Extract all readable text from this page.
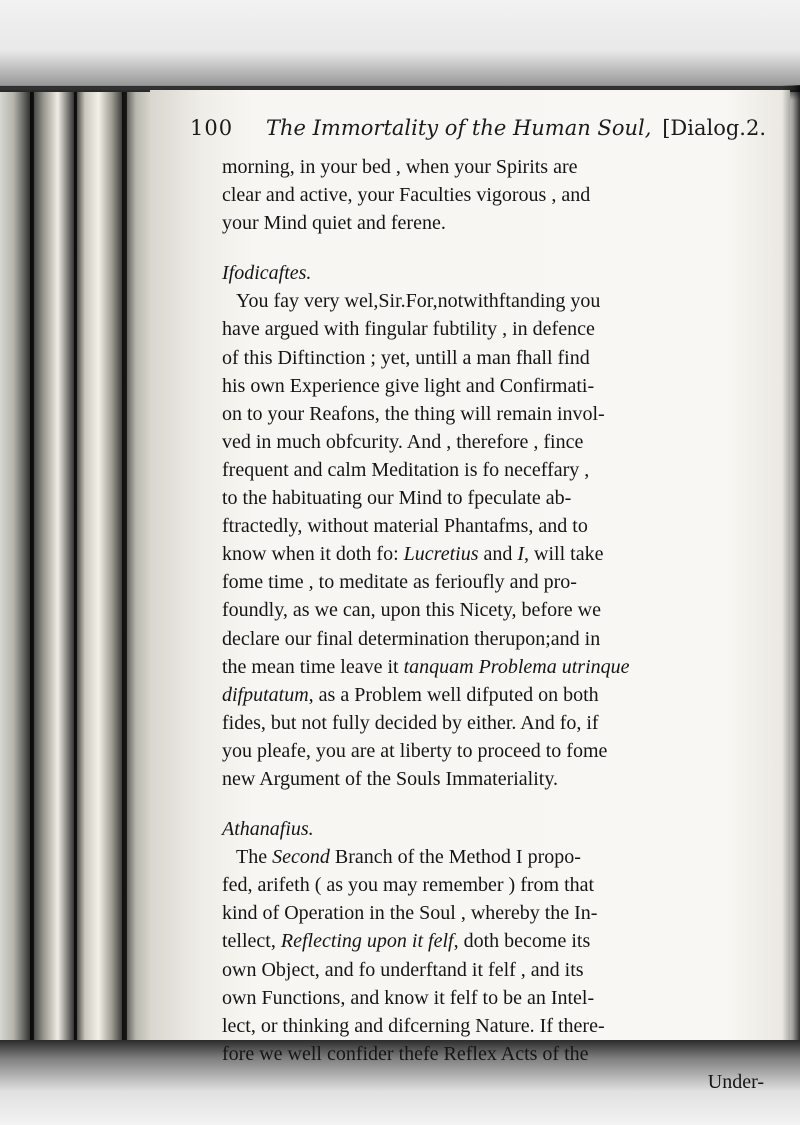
100 The Immortality of the Human Soul, [Dialog.2.
morning, in your bed , when your Spirits are
clear and active, your Faculties vigorous , and
your Mind quiet and ferene.
Ifodicaftes.
You fay very wel,Sir.For,notwithftanding you
have argued with fingular fubtility , in defence
of this Diftinction ; yet, untill a man fhall find
his own Experience give light and Confirmati-
on to your Reafons, the thing will remain invol-
ved in much obfcurity. And , therefore , fince
frequent and calm Meditation is fo neceffary ,
to the habituating our Mind to fpeculate ab-
ftractedly, without material Phantafms, and to
know when it doth fo: Lucretius and I, will take
fome time , to meditate as ferioufly and pro-
foundly, as we can, upon this Nicety, before we
declare our final determination therupon;and in
the mean time leave it tanquam Problema utrinque
difputatum, as a Problem well difputed on both
fides, but not fully decided by either. And fo, if
you pleafe, you are at liberty to proceed to fome
new Argument of the Souls Immateriality.
Athanafius.
The Second Branch of the Method I propo-
fed, arifeth ( as you may remember ) from that
kind of Operation in the Soul , whereby the In-
tellect, Reflecting upon it felf, doth become its
own Object, and fo underftand it felf , and its
own Functions, and know it felf to be an Intel-
lect, or thinking and difcerning Nature. If there-
fore we well confider thefe Reflex Acts of the
Under-
